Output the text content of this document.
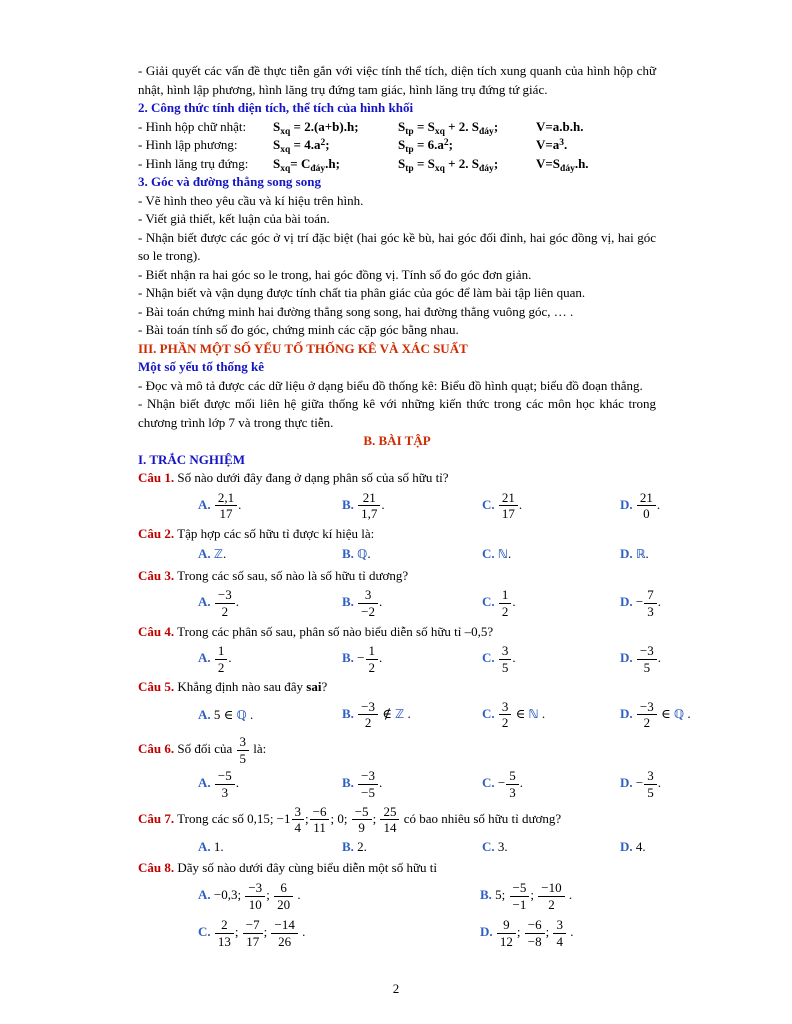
- Giải quyết các vấn đề thực tiễn gắn với việc tính thể tích, diện tích xung quanh của hình hộp chữ nhật, hình lập phương, hình lăng trụ đứng tam giác, hình lăng trụ đứng tứ giác.

2. Công thức tính diện tích, thể tích của hình khối

- Hình hộp chữ nhật:	$S_{xq} = 2.(a+b).h$;	$S_{tp} = S_{xq} + 2$. $S_{đáy}$;	V=a.b.h.
- Hình lập phương:	$S_{xq} = 4.a^2$;	$S_{tp} = 6.a^2$;	$V=a^3$.
- Hình lăng trụ đứng:	$S_{xq}= C_{đáy}.h$;	$S_{tp} = S_{xq} + 2$. $S_{đáy}$;	$V=S_{đáy}.h$.

3. Góc và đường thẳng song song

- Vẽ hình theo yêu cầu và kí hiệu trên hình.

- Viết giả thiết, kết luận của bài toán.

- Nhận biết được các góc ở vị trí đặc biệt (hai góc kề bù, hai góc đối đỉnh, hai góc đồng vị, hai góc so le trong).

- Biết nhận ra hai góc so le trong, hai góc đồng vị. Tính số đo góc đơn giản.

- Nhận biết và vận dụng được tính chất tia phân giác của góc để làm bài tập liên quan.

- Bài toán chứng minh hai đường thẳng song song, hai đường thẳng vuông góc, … .

- Bài toán tính số đo góc, chứng minh các cặp góc bằng nhau.

III. PHẦN MỘT SỐ YẾU TỐ THỐNG KÊ VÀ XÁC SUẤT

Một số yếu tố thống kê

- Đọc và mô tả được các dữ liệu ở dạng biểu đồ thống kê: Biểu đồ hình quạt; biểu đồ đoạn thẳng.

- Nhận biết được mối liên hệ giữa thống kê với những kiến thức trong các môn học khác trong chương trình lớp 7 và trong thực tiễn.

B. BÀI TẬP

I. TRẮC NGHIỆM

Câu 1. Số nào dưới đây đang ở dạng phân số của số hữu tỉ?

A. $\frac{2,1}{17}$ .	B. $\frac{21}{1,7}$ .	C. $\frac{21}{17}$ .	D. $\frac{21}{0}$ .

Câu 2. Tập hợp các số hữu tỉ được kí hiệu là:

A. ℤ.	B. ℚ.	C. ℕ.	D. ℝ.

Câu 3. Trong các số sau, số nào là số hữu tỉ dương?

A. $\frac{-3}{2}$ .	B. $\frac{3}{-2}$ .	C. $\frac{1}{2}$ .	D. − $\frac{7}{3}$ .

Câu 4. Trong các phân số sau, phân số nào biểu diễn số hữu tỉ –0,5?

A. $\frac{1}{2}$ .	B. − $\frac{1}{2}$ .	C. $\frac{3}{5}$ .	D. $\frac{-3}{5}$ .

Câu 5. Khẳng định nào sau đây sai?

A. 5 ∈ ℚ .	B. $\frac{-3}{2}$ ∉ ℤ .	C. $\frac{3}{2}$ ∈ ℕ .	D. $\frac{-3}{2}$ ∈ ℚ .

Câu 6. Số đối của $\frac{3}{5}$ là:

A. $\frac{-5}{3}$ .	B. $\frac{-3}{-5}$ .	C. − $\frac{5}{3}$ .	D. − $\frac{3}{5}$ .

Câu 7. Trong các số 0,15; $-1 \frac{3}{4}$ ; $\frac{-6}{11}$ ; 0; $\frac{-5}{9}$ ; $\frac{25}{14}$ có bao nhiêu số hữu tỉ dương?

A. 1.	B. 2.	C. 3.	D. 4.

Câu 8. Dãy số nào dưới đây cùng biểu diễn một số hữu tỉ

A. −0,3; $\frac{-3}{10}$ ; $\frac{6}{20}$ .	B. 5; $\frac{-5}{-1}$ ; $\frac{-10}{2}$ .
C. $\frac{2}{13}$ ; $\frac{-7}{17}$ ; $\frac{-14}{26}$ .	D. $\frac{9}{12}$ ; $\frac{-6}{-8}$ ; $\frac{3}{4}$ .
2
